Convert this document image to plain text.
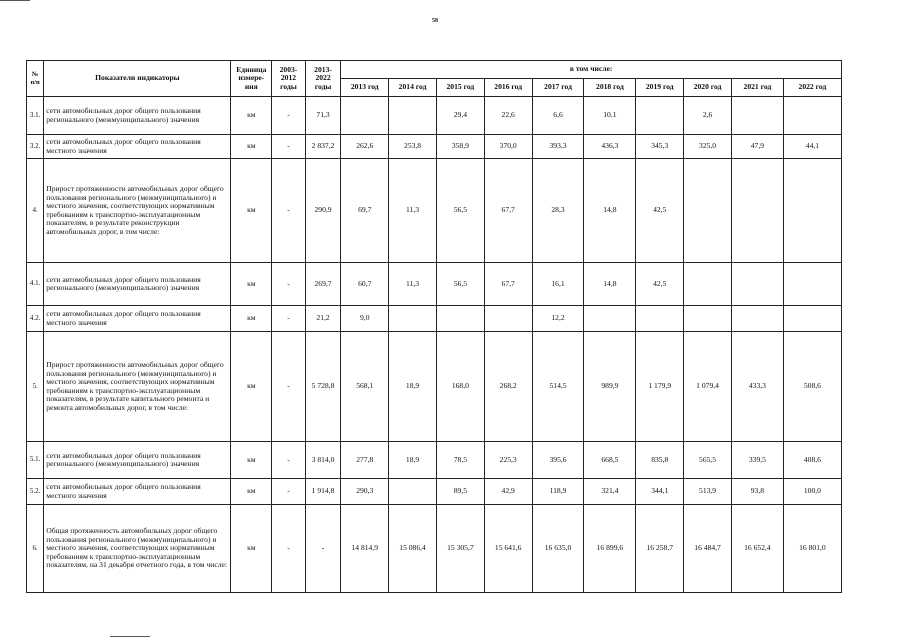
58
№ п/п	Показатели индикаторы	Единица измере-ния	2003-2012 годы	2013-2022 годы	в том числе:									
					2013 год	2014 год	2015 год	2016 год	2017 год	2018 год	2019 год	2020 год	2021 год	2022 год
3.1.	сети автомобильных дорог общего пользования регионального (межмуниципального) значения	км	-	71,3			29,4	22,6	6,6	10,1		2,6		
3.2.	сети автомобильных дорог общего пользования местного значения	км	-	2 837,2	262,6	253,8	358,9	370,0	393,3	436,3	345,3	325,0	47,9	44,1
4.	Прирост протяженности автомобильных дорог общего пользования регионального (межмуниципального) и местного значения, соответствующих нормативным требованиям к транспортно-эксплуатационным показателям, в результате реконструкции автомобильных дорог, в том числе:	км	-	290,9	69,7	11,3	56,5	67,7	28,3	14,8	42,5			
4.1.	сети автомобильных дорог общего пользования регионального (межмуниципального) значения	км	-	269,7	60,7	11,3	56,5	67,7	16,1	14,8	42,5			
4.2.	сети автомобильных дорог общего пользования местного значения	км	-	21,2	9,0				12,2					
5.	Прирост протяженности автомобильных дорог общего пользования регионального (межмуниципального) и местного значения, соответствующих нормативным требованиям к транспортно-эксплуатационным показателям, в результате капитального ремонта и ремонта автомобильных дорог, в том числе:	км	-	5 728,8	568,1	18,9	168,0	268,2	514,5	989,9	1 179,9	1 079,4	433,3	508,6
5.1.	сети автомобильных дорог общего пользования регионального (межмуниципального) значения	км	-	3 814,0	277,8	18,9	78,5	225,3	395,6	668,5	835,8	565,5	339,5	408,6
5.2.	сети автомобильных дорог общего пользования местного значения	км	-	1 914,8	290,3		89,5	42,9	118,9	321,4	344,1	513,9	93,8	100,0
6.	Общая протяженность автомобильных дорог общего пользования регионального (межмуниципального) и местного значения, соответствующих нормативным требованиям к транспортно-эксплуатационным показателям, на 31 декабря отчетного года, в том числе:	км	-	-	14 814,9	15 086,4	15 305,7	15 641,6	16 635,0	16 899,6	16 258,7	16 484,7	16 652,4	16 801,0
